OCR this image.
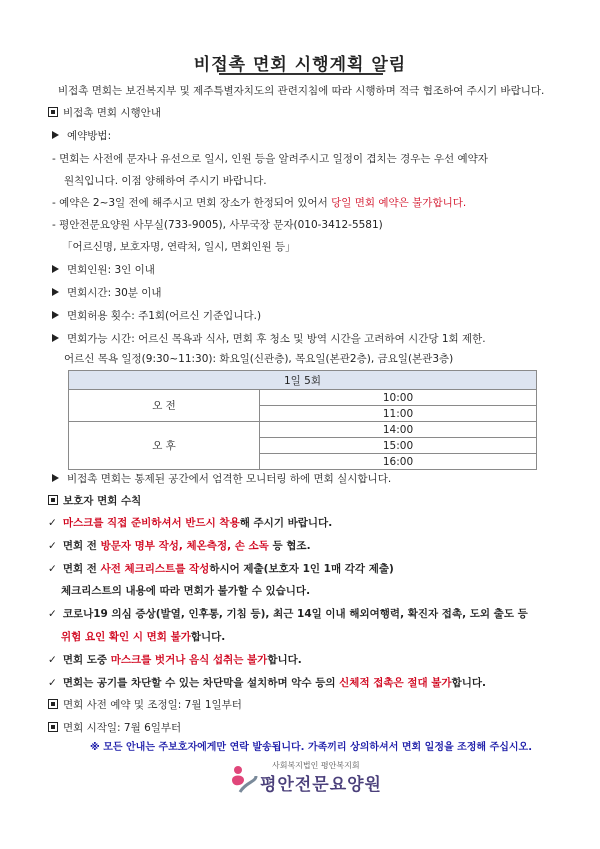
비접촉 면회 시행계획 알림
비접촉 면회는 보건복지부 및 제주특별자치도의 관련지침에 따라 시행하며 적극 협조하여 주시기 바랍니다.
비접촉 면회 시행안내
예약방법:
- 면회는 사전에 문자나 유선으로 일시, 인원 등을 알려주시고 일정이 겹치는 경우는 우선 예약자
원칙입니다. 이점 양해하여 주시기 바랍니다.
- 예약은 2~3일 전에 해주시고 면회 장소가 한정되어 있어서 당일 면회 예약은 불가합니다.
- 평안전문요양원 사무실(733-9005), 사무국장 문자(010-3412-5581)
「어르신명, 보호자명, 연락처, 일시, 면회인원 등」
면회인원: 3인 이내
면회시간: 30분 이내
면회허용 횟수: 주1회(어르신 기준입니다.)
면회가능 시간: 어르신 목욕과 식사, 면회 후 청소 및 방역 시간을 고려하여 시간당 1회 제한.
어르신 목욕 일정(9:30~11:30): 화요일(신관층), 목요일(본관2층), 금요일(본관3층)
1일 5회	
오 전	10:00
	11:00
오 후	14:00
	15:00
	16:00
비접촉 면회는 통제된 공간에서 엄격한 모니터링 하에 면회 실시합니다.
보호자 면회 수칙
✓ 마스크를 직접 준비하셔서 반드시 착용해 주시기 바랍니다.
✓ 면회 전 방문자 명부 작성, 체온측정, 손 소독 등 협조.
✓ 면회 전 사전 체크리스트를 작성하시어 제출(보호자 1인 1매 각각 제출)
체크리스트의 내용에 따라 면회가 불가할 수 있습니다.
✓ 코로나19 의심 증상(발열, 인후통, 기침 등), 최근 14일 이내 해외여행력, 확진자 접촉, 도외 출도 등
위험 요인 확인 시 면회 불가합니다.
✓ 면회 도중 마스크를 벗거나 음식 섭취는 불가합니다.
✓ 면회는 공기를 차단할 수 있는 차단막을 설치하며 악수 등의 신체적 접촉은 절대 불가합니다.
면회 사전 예약 및 조정일: 7월 1일부터
면회 시작일: 7월 6일부터
※ 모든 안내는 주보호자에게만 연락 발송됩니다. 가족끼리 상의하셔서 면회 일정을 조정해 주십시오.
사회복지법인 평안복지회
평안전문요양원
